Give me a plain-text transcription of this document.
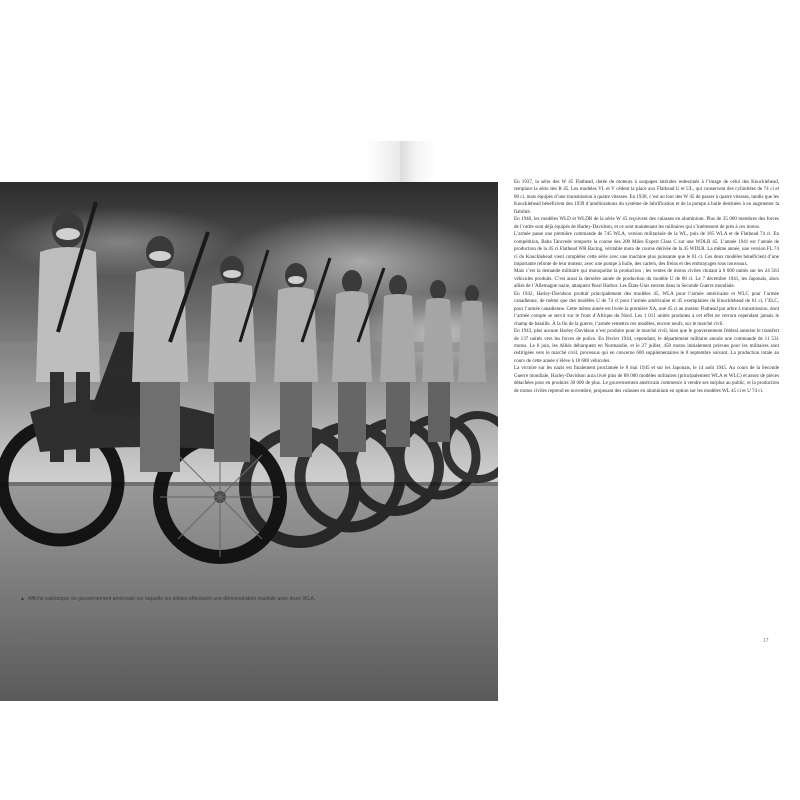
▲ Affiche patriotique du gouvernement américain sur laquelle les pilotes effectuent une démonstration martiale avec leurs WLA.
16	17

En 1937, la série des W 45 Flathead, dotée de moteurs à soupapes latérales redessinés à l’image de celui des Knucklehead, remplace la série des R 45. Les modèles VL et V cèdent la place aux Flathead U et UL, qui conservent des cylindrées de 74 ci et 80 ci, mais équipés d’une transmission à quatre vitesses. En 1938, c’est au tour des W 45 de passer à quatre vitesses, tandis que les Knucklehead bénéficient des 1939 d’améliorations du système de lubrification et de la pompe à huile destinées à en augmenter la fiabilité.

En 1940, les modèles WLD et WLDR de la série W 45 reçoivent des culasses en aluminium. Plus de 35 000 membres des forces de l’ordre sont déjà équipés de Harley-Davidson, et ce sont maintenant les militaires qui s’intéressent de près à ces motos.

L’armée passe une première commande de 745 WLA, version militarisée de la WL, puis de 185 WLA et de Flathead 74 ci. En compétition, Baba Tancrede remporte la course des 200 Miles Expert Class C sur une WDLR 45. L’année 1941 est l’année de production de la 45 ci Flathead WR Racing, véritable moto de course dérivée de la 45 WDLR. La même année, une version FL 74 ci du Knucklehead vient compléter cette série avec une machine plus puissante que le 61 ci. Ces deux modèles bénéficient d’une importante refonte de leur moteur, avec une pompe à huile, des carters, des freins et des embrayages tous nouveaux.

Mais c’est la demande militaire qui monopolise la production ; les ventes de motos civiles chutant à 6 000 unités sur les 24 563 véhicules produits. C’est aussi la dernière année de production du modèle U de 80 ci. Le 7 décembre 1941, les Japonais, alors alliés de l’Allemagne nazie, attaquent Pearl Harbor. Les États-Unis entrent dans la Seconde Guerre mondiale.

En 1942, Harley-Davidson produit principalement des modèles 45, WLA pour l’armée américaine et WLC pour l’armée canadienne, de même que des modèles U de 74 ci pour l’armée américaine et 45 exemplaires du Knucklehead de 61 ci, l’ELC, pour l’armée canadienne. Cette même année est livrée la première XA, une 45 ci au moteur Flathead par arbre à transmission, dont l’armée compte se servir sur le front d’Afrique du Nord. Les 1 011 unités produites à cet effet ne verront cependant jamais le champ de bataille. À la fin de la guerre, l’armée remettra ces modèles, encore neufs, sur le marché civil.

En 1943, plus aucune Harley-Davidson n’est produite pour le marché civil, bien que le gouvernement fédéral autorise le transfert de 137 unités vers les forces de police. En février 1944, cependant, le département militaire annule une commande de 11 531 motos. Le 6 juin, les Alliés débarquent en Normandie, et le 27 juillet, 450 motos initialement prévues pour les militaires sont redirigées vers le marché civil, processus qui en concerne 600 supplémentaires le 8 septembre suivant. La production totale au cours de cette année s’élève à 18 688 véhicules.

La victoire sur les nazis est finalement proclamée le 8 mai 1945 et sur les Japonais, le 14 août 1945. Au cours de la Seconde Guerre mondiale, Harley-Davidson aura livré plus de 88 000 modèles militaires (principalement WLA et WLC) et assez de pièces détachées pour en produire 30 000 de plus. Le gouvernement américain commence à vendre ses surplus au public, et la production de motos civiles reprend en novembre, proposant des culasses en aluminium en option sur les modèles WL 45 ci et U 74 ci.
